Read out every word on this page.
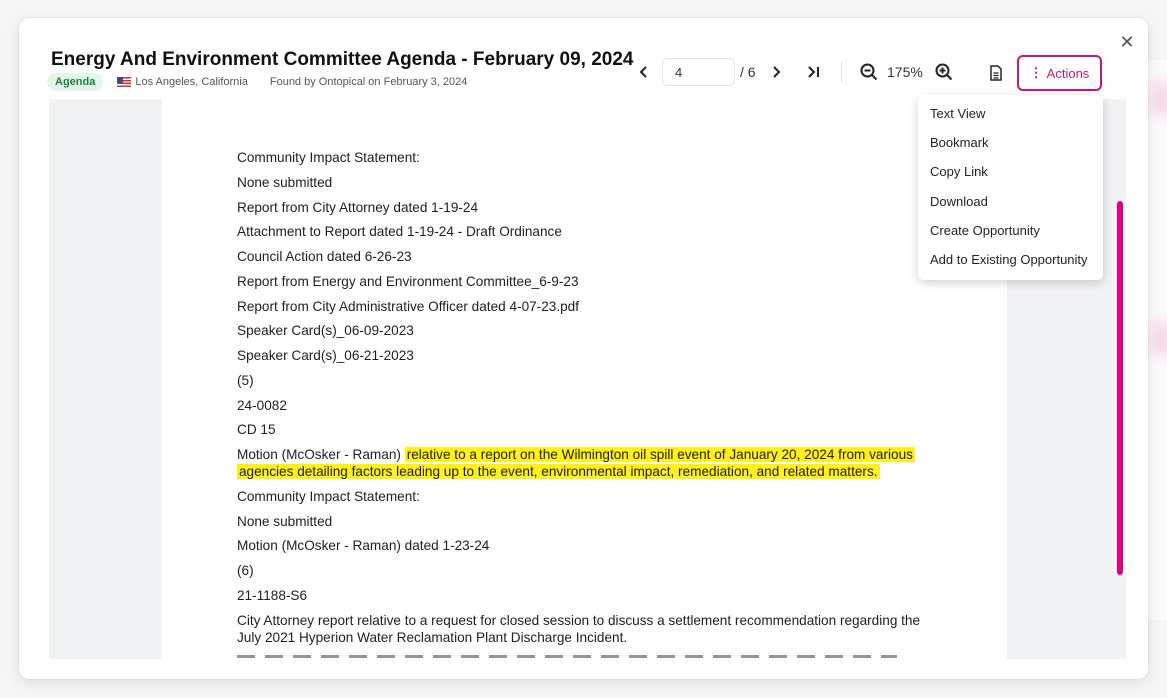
✕
Energy And Environment Committee Agenda - February 09, 2024
Agenda	Los Angeles, California Found by Ontopical on February 3, 2024
4
/ 6	175%	⋮ Actions
Community Impact Statement:
None submitted
Report from City Attorney dated 1-19-24
Attachment to Report dated 1-19-24 - Draft Ordinance
Council Action dated 6-26-23
Report from Energy and Environment Committee_6-9-23
Report from City Administrative Officer dated 4-07-23.pdf
Speaker Card(s)_06-09-2023
Speaker Card(s)_06-21-2023
(5)
24-0082
CD 15
Motion (McOsker - Raman) relative to a report on the Wilmington oil spill event of January 20, 2024 from various
agencies detailing factors leading up to the event, environmental impact, remediation, and related matters.
Community Impact Statement:
None submitted
Motion (McOsker - Raman) dated 1-23-24
(6)
21-1188-S6
City Attorney report relative to a request for closed session to discuss a settlement recommendation regarding the
July 2021 Hyperion Water Reclamation Plant Discharge Incident.
Text View
Bookmark
Copy Link
Download
Create Opportunity
Add to Existing Opportunity
